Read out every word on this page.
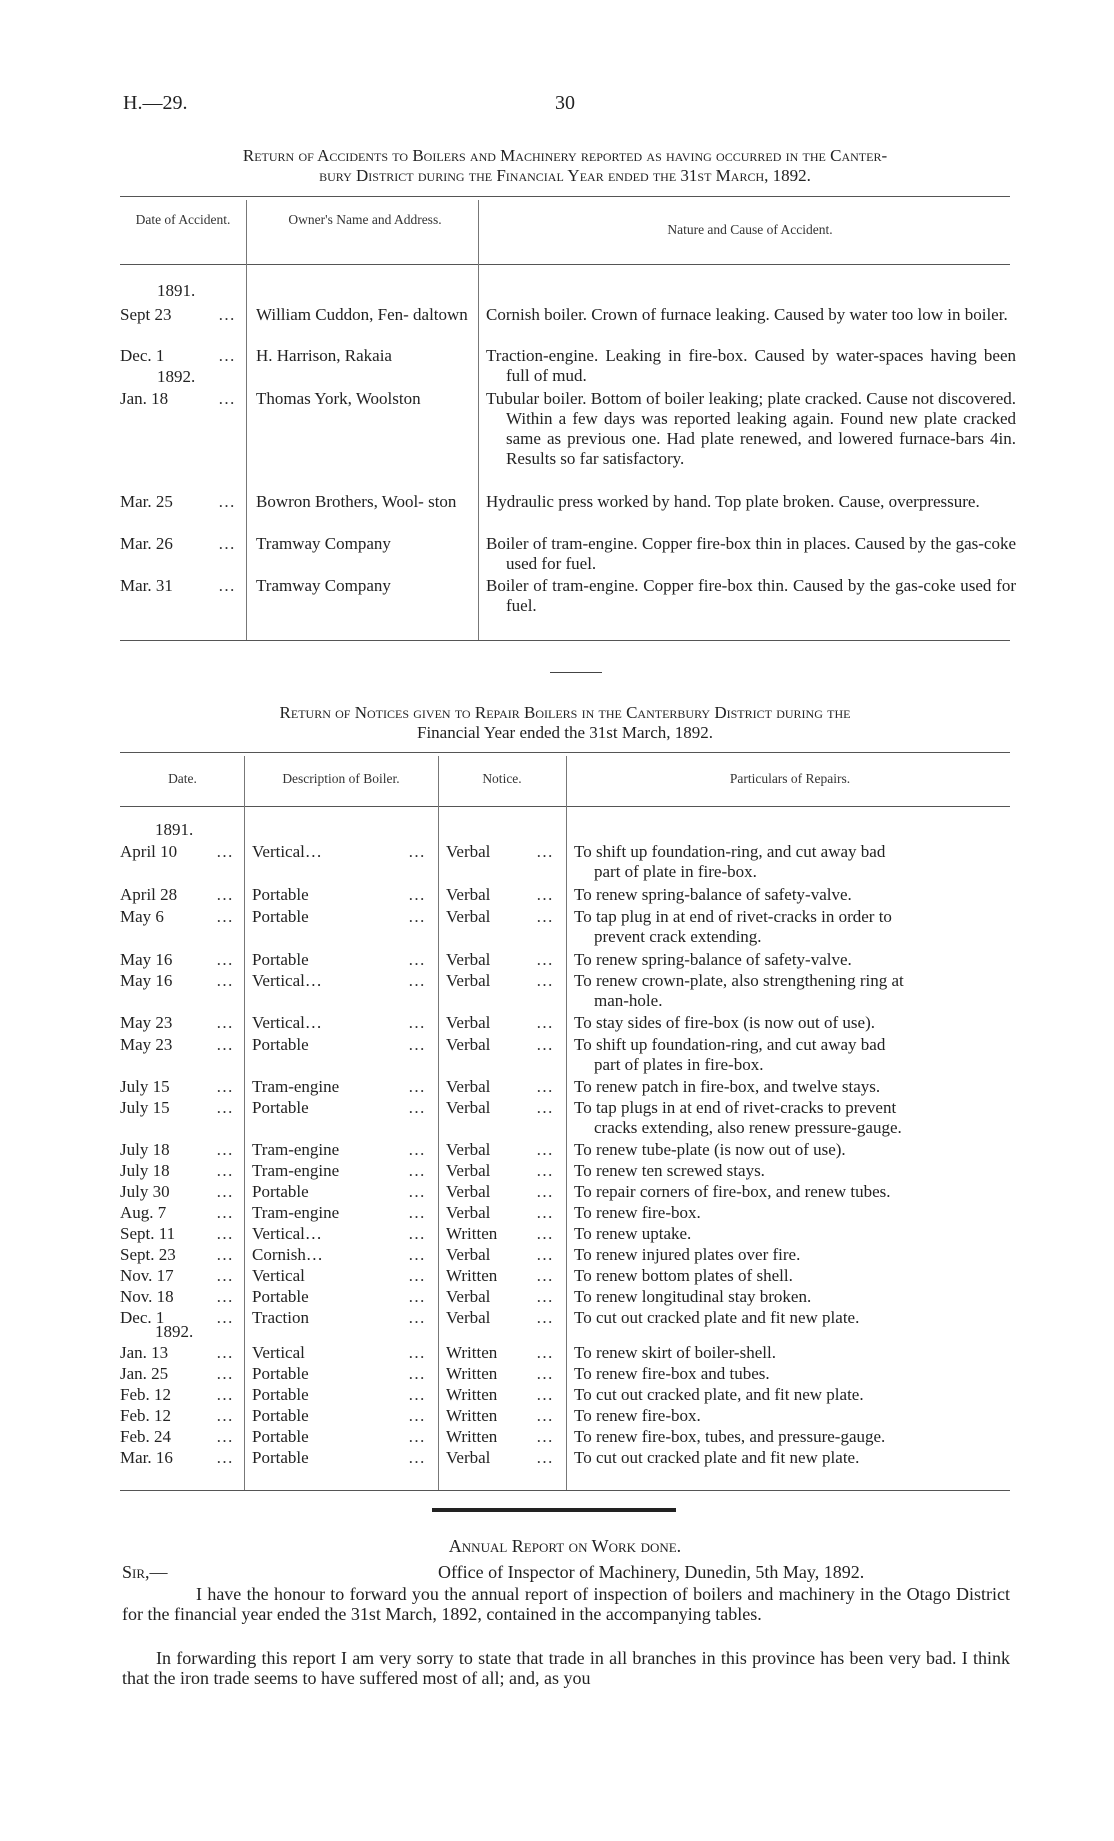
H.—29.	30
Return of Accidents to Boilers and Machinery reported as having occurred in the Canter-
bury District during the Financial Year ended the 31st March, 1892.
Date of Accident.	Owner's Name and Address.
Nature and Cause of Accident.
1891.
Sept 23	… William Cuddon, Fen- daltown	Cornish boiler. Crown of furnace leaking. Caused by water too low in boiler.
Dec. 1	… H. Harrison, Rakaia	Traction-engine. Leaking in fire-box. Caused by water-spaces having been full of mud.
1892.
Jan. 18	… Thomas York, Woolston	Tubular boiler. Bottom of boiler leaking; plate cracked. Cause not discovered. Within a few days was reported leaking again. Found new plate cracked same as previous one. Had plate renewed, and lowered furnace-bars 4in. Results so far satisfactory.
Mar. 25	… Bowron Brothers, Wool- ston	Hydraulic press worked by hand. Top plate broken. Cause, overpressure.
Mar. 26	… Tramway Company	Boiler of tram-engine. Copper fire-box thin in places. Caused by the gas-coke used for fuel.
Mar. 31	… Tramway Company	Boiler of tram-engine. Copper fire-box thin. Caused by the gas-coke used for fuel.
Return of Notices given to Repair Boilers in the Canterbury District during the
Financial Year ended the 31st March, 1892.
Date.	Description of Boiler.	Notice.	Particulars of Repairs.
1891.
1892.
April 10 … Vertical…	… Verbal	… To shift up foundation-ring, and cut away bad
part of plate in fire-box.
April 28 … Portable	… Verbal	… To renew spring-balance of safety-valve.
May 6	… Portable	… Verbal	… To tap plug in at end of rivet-cracks in order to
prevent crack extending.
May 16	… Portable	… Verbal	… To renew spring-balance of safety-valve.
May 16	… Vertical…	… Verbal	… To renew crown-plate, also strengthening ring at
man-hole.
May 23	… Vertical…	… Verbal	… To stay sides of fire-box (is now out of use).
May 23	… Portable	… Verbal	… To shift up foundation-ring, and cut away bad
part of plates in fire-box.
July 15	… Tram-engine	… Verbal	… To renew patch in fire-box, and twelve stays.
July 15	… Portable	… Verbal	… To tap plugs in at end of rivet-cracks to prevent
cracks extending, also renew pressure-gauge.
July 18	… Tram-engine	… Verbal	… To renew tube-plate (is now out of use).
July 18	… Tram-engine	… Verbal	… To renew ten screwed stays.
July 30	… Portable	… Verbal	… To repair corners of fire-box, and renew tubes.
Aug. 7	… Tram-engine	… Verbal	… To renew fire-box.
Sept. 11 … Vertical…	… Written … To renew uptake.
Sept. 23 … Cornish…	… Verbal	… To renew injured plates over fire.
Nov. 17 … Vertical	… Written … To renew bottom plates of shell.
Nov. 18 … Portable	… Verbal	… To renew longitudinal stay broken.
Dec. 1	… Traction	… Verbal	… To cut out cracked plate and fit new plate.
Jan. 13	… Vertical	… Written … To renew skirt of boiler-shell.
Jan. 25	… Portable	… Written … To renew fire-box and tubes.
Feb. 12	… Portable	… Written … To cut out cracked plate, and fit new plate.
Feb. 12	… Portable	… Written … To renew fire-box.
Feb. 24	… Portable	… Written … To renew fire-box, tubes, and pressure-gauge.
Mar. 16	… Portable	… Verbal	… To cut out cracked plate and fit new plate.
Annual Report on Work done.
Sir,—	Office of Inspector of Machinery, Dunedin, 5th May, 1892.
I have the honour to forward you the annual report of inspection of boilers and machinery in the Otago District for the financial year ended the 31st March, 1892, contained in the accompanying tables.
In forwarding this report I am very sorry to state that trade in all branches in this province has been very bad. I think that the iron trade seems to have suffered most of all; and, as you
